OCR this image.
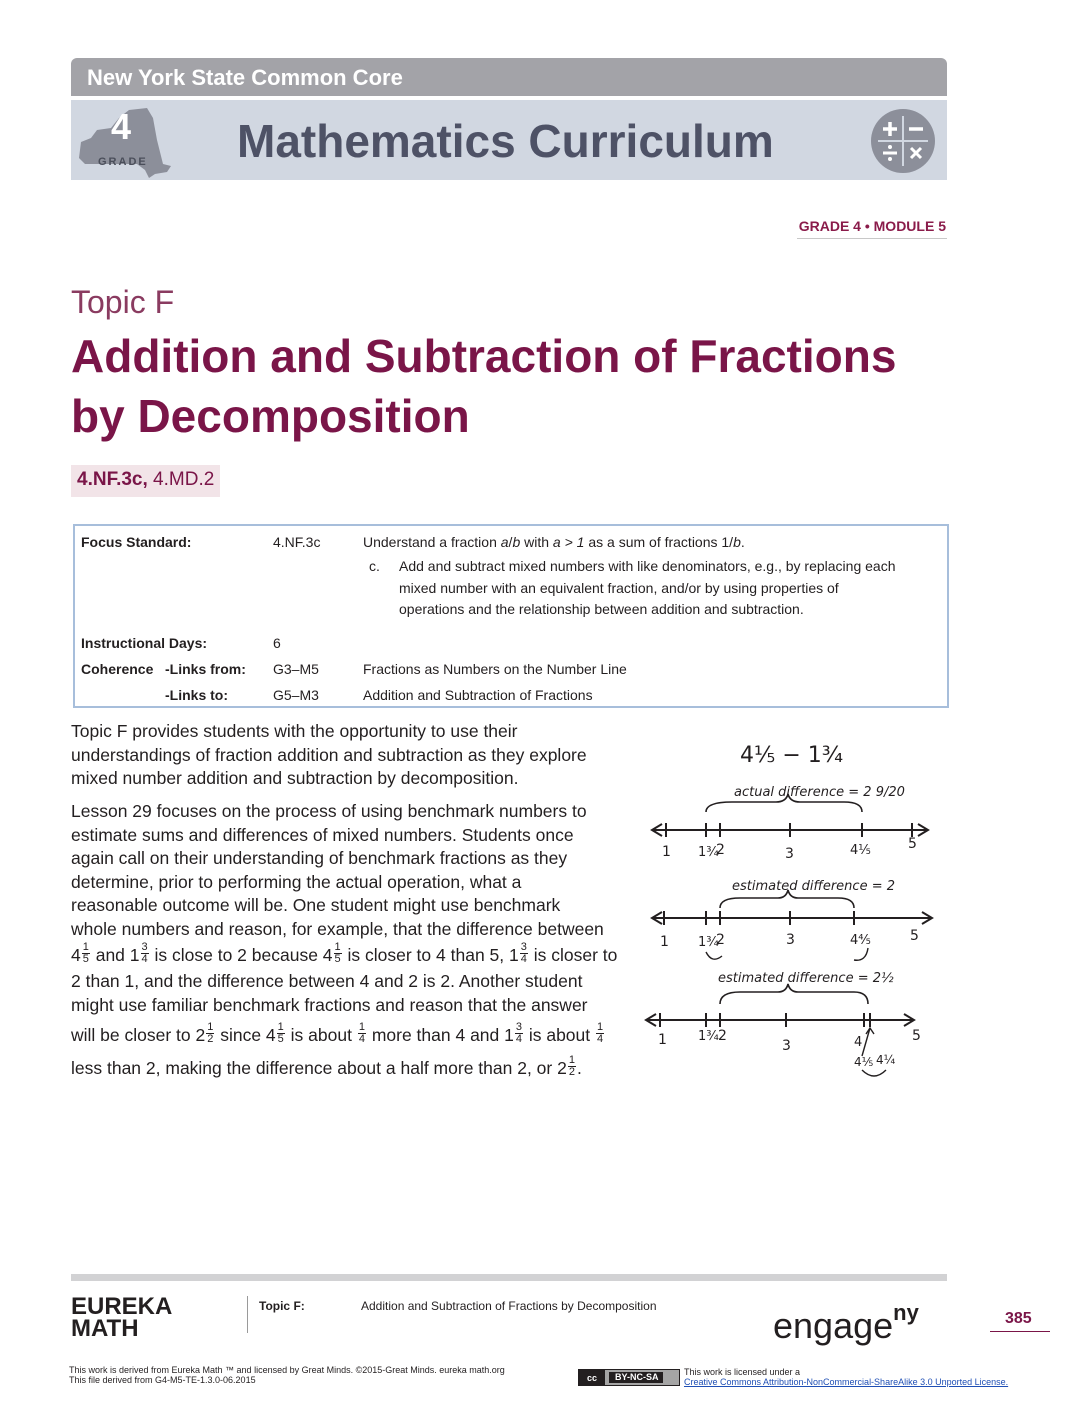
New York State Common Core
4
GRADE Mathematics Curriculum
GRADE 4 • MODULE 5
Topic F
Addition and Subtraction of Fractions
by Decomposition
4.NF.3c, 4.MD.2
Focus Standard:	4.NF.3c	Understand a fraction a/b with a > 1 as a sum of fractions 1/b.
c. Add and subtract mixed numbers with like denominators, e.g., by replacing each
mixed number with an equivalent fraction, and/or by using properties of
operations and the relationship between addition and subtraction.
Instructional Days:	6
Coherence -Links from: G3–M5	Fractions as Numbers on the Number Line
-Links to:	G5–M3	Addition and Subtraction of Fractions
Topic F provides students with the opportunity to use their
understandings of fraction addition and subtraction as they explore
mixed number addition and subtraction by decomposition.
Lesson 29 focuses on the process of using benchmark numbers to
estimate sums and differences of mixed numbers. Students once
again call on their understanding of benchmark fractions as they
determine, prior to performing the actual operation, what a
reasonable outcome will be. One student might use benchmark
whole numbers and reason, for example, that the difference between
$4 \frac{1}{5}$ and $1 \frac{3}{4}$ is close to 2 because $4 \frac{1}{5}$ is closer to 4 than 5, $1 \frac{3}{4}$ is closer to
2 than 1, and the difference between 4 and 2 is 2. Another student
might use familiar benchmark fractions and reason that the answer
will be closer to $2 \frac{1}{2}$ since $4 \frac{1}{5}$ is about $\frac{1}{4}$ more than 4 and $1 \frac{3}{4}$ is about $\frac{1}{4}$
less than 2, making the difference about a half more than 2, or $2 \frac{1}{2}$ .
4⅕ − 1¾
actual difference = 2 9/20
1 1¾
2	3	4⅕	5
estimated difference = 2
1 1¾
2	3	4⅘	5
estimated difference = 2½
1 1¾ 2
3	4	5
4⅕ 4¼
EUREKA
MATH
Topic F:	Addition and Subtraction of Fractions by Decomposition	engage$^{ny}$	385
This work is derived from Eureka Math ™ and licensed by Great Minds. ©2015-Great Minds. eureka math.org
This file derived from G4-M5-TE-1.3.0-06.2015	cc	BY-NC-SA	This work is licensed under a
Creative Commons Attribution-NonCommercial-ShareAlike 3.0 Unported License.
